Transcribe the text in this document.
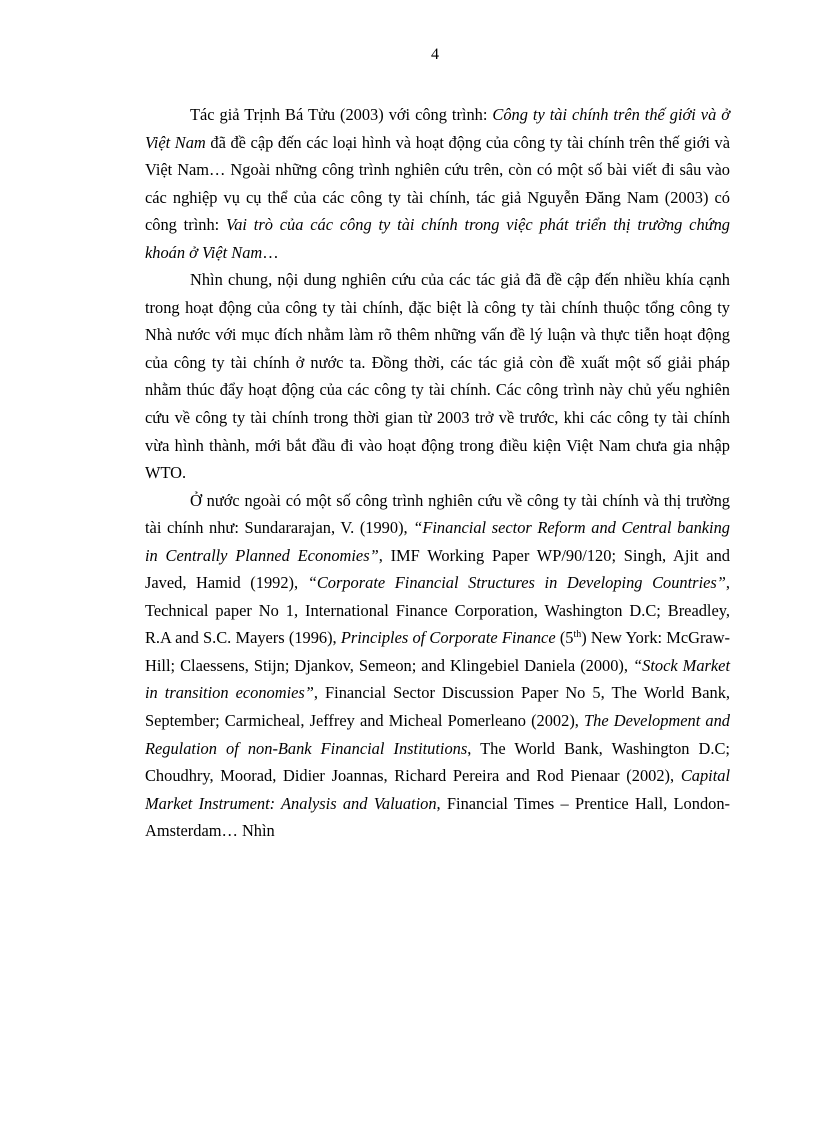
4

Tác giả Trịnh Bá Tửu (2003) với công trình: Công ty tài chính trên thế giới và ở Việt Nam đã đề cập đến các loại hình và hoạt động của công ty tài chính trên thế giới và Việt Nam… Ngoài những công trình nghiên cứu trên, còn có một số bài viết đi sâu vào các nghiệp vụ cụ thể của các công ty tài chính, tác giả Nguyễn Đăng Nam (2003) có công trình: Vai trò của các công ty tài chính trong việc phát triển thị trường chứng khoán ở Việt Nam…

Nhìn chung, nội dung nghiên cứu của các tác giả đã đề cập đến nhiều khía cạnh trong hoạt động của công ty tài chính, đặc biệt là công ty tài chính thuộc tổng công ty Nhà nước với mục đích nhằm làm rõ thêm những vấn đề lý luận và thực tiễn hoạt động của công ty tài chính ở nước ta. Đồng thời, các tác giả còn đề xuất một số giải pháp nhằm thúc đẩy hoạt động của các công ty tài chính. Các công trình này chủ yếu nghiên cứu về công ty tài chính trong thời gian từ 2003 trở về trước, khi các công ty tài chính vừa hình thành, mới bắt đầu đi vào hoạt động trong điều kiện Việt Nam chưa gia nhập WTO.

Ở nước ngoài có một số công trình nghiên cứu về công ty tài chính và thị trường tài chính như: Sundararajan, V. (1990), “Financial sector Reform and Central banking in Centrally Planned Economies”, IMF Working Paper WP/90/120; Singh, Ajit and Javed, Hamid (1992), “Corporate Financial Structures in Developing Countries”, Technical paper No 1, International Finance Corporation, Washington D.C; Breadley, R.A and S.C. Mayers (1996), Principles of Corporate Finance (5th) New York: McGraw-Hill; Claessens, Stijn; Djankov, Semeon; and Klingebiel Daniela (2000), “Stock Market in transition economies”, Financial Sector Discussion Paper No 5, The World Bank, September; Carmicheal, Jeffrey and Micheal Pomerleano (2002), The Development and Regulation of non-Bank Financial Institutions, The World Bank, Washington D.C; Choudhry, Moorad, Didier Joannas, Richard Pereira and Rod Pienaar (2002), Capital Market Instrument: Analysis and Valuation, Financial Times – Prentice Hall, London-Amsterdam… Nhìn
